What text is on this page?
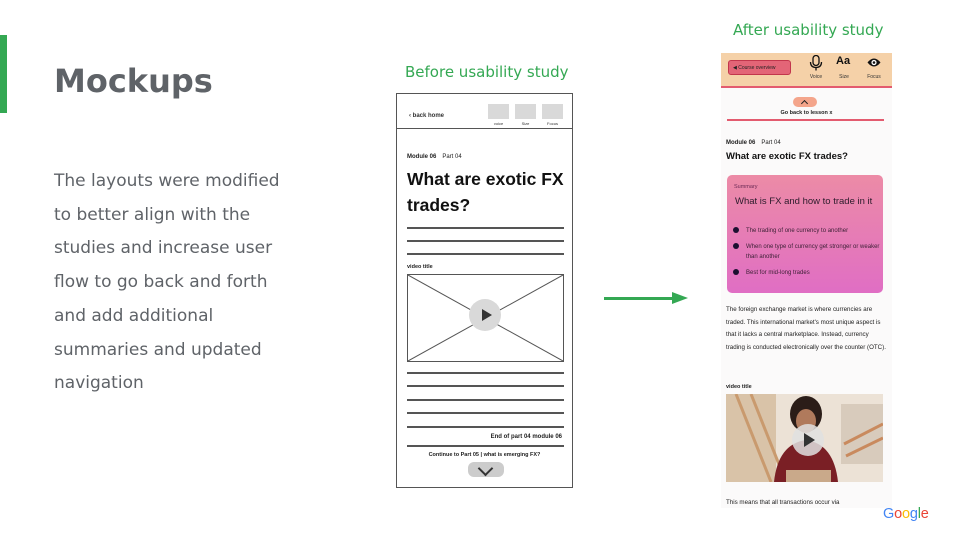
Mockups

The layouts were modified to better align with the studies and increase user flow to go back and forth and add additional summaries and updated navigation

Before usability study
After usability study
‹ back home
voice	Size	Focus
Module 06 Part 04
What are exotic FX trades?
video title
End of part 04 module 06
Continue to Part 05 | what is emerging FX?
◀ Course overview
Aa
Voice	Size	Focus
Go back to lesson x
Module 06 Part 04
What are exotic FX trades?
Summary
What is FX and how to trade in it
The trading of one currency to another
When one type of currency get stronger or weaker than another
Best for mid-long trades

The foreign exchange market is where currencies are traded. This international market's most unique aspect is that it lacks a central marketplace. Instead, currency trading is conducted electronically over the counter (OTC).

video title
This means that all transactions occur via
Google
